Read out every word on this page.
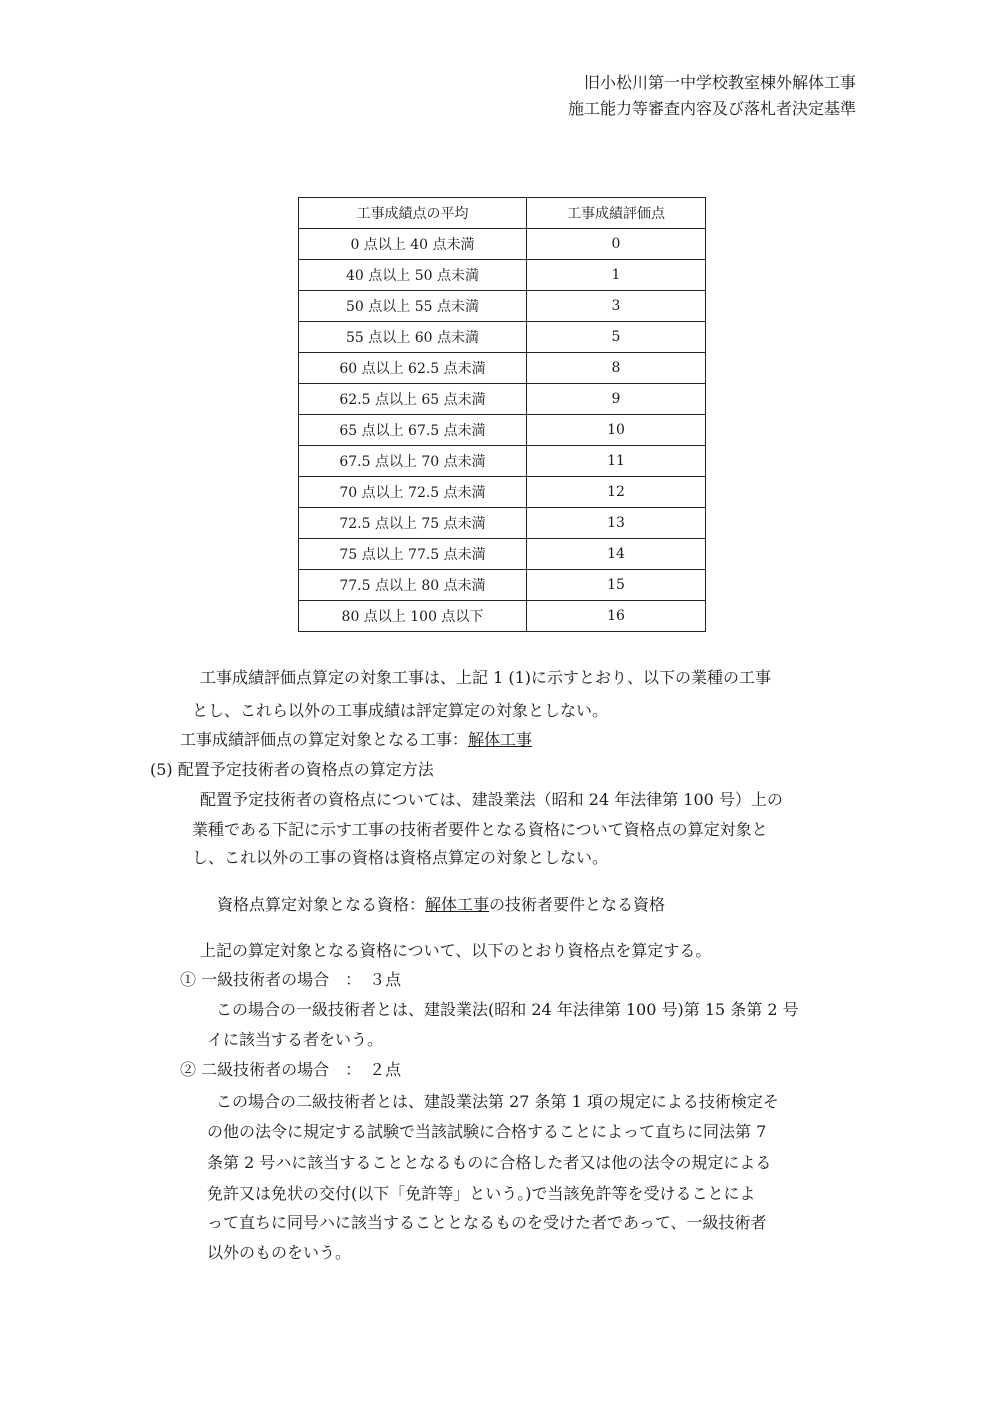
旧小松川第一中学校教室棟外解体工事
施工能力等審査内容及び落札者決定基準
工事成績点の平均	工事成績評価点
0 点以上 40 点未満	0
40 点以上 50 点未満	1
50 点以上 55 点未満	3
55 点以上 60 点未満	5
60 点以上 62.5 点未満	8
62.5 点以上 65 点未満	9
65 点以上 67.5 点未満	10
67.5 点以上 70 点未満	11
70 点以上 72.5 点未満	12
72.5 点以上 75 点未満	13
75 点以上 77.5 点未満	14
77.5 点以上 80 点未満	15
80 点以上 100 点以下	16
工事成績評価点算定の対象工事は、上記 1 (1)に示すとおり、以下の業種の工事
とし、これら以外の工事成績は評定算定の対象としない。
工事成績評価点の算定対象となる工事：解体工事
(5) 配置予定技術者の資格点の算定方法
配置予定技術者の資格点については、建設業法（昭和 24 年法律第 100 号）上の
業種である下記に示す工事の技術者要件となる資格について資格点の算定対象と
し、これ以外の工事の資格は資格点算定の対象としない。
資格点算定対象となる資格：解体工事の技術者要件となる資格
上記の算定対象となる資格について、以下のとおり資格点を算定する。
① 一級技術者の場合　：　３点
この場合の一級技術者とは、建設業法(昭和 24 年法律第 100 号)第 15 条第 2 号
イに該当する者をいう。
② 二級技術者の場合　：　２点
この場合の二級技術者とは、建設業法第 27 条第 1 項の規定による技術検定そ
の他の法令に規定する試験で当該試験に合格することによって直ちに同法第 7
条第 2 号ハに該当することとなるものに合格した者又は他の法令の規定による
免許又は免状の交付(以下「免許等」という。)で当該免許等を受けることによ
って直ちに同号ハに該当することとなるものを受けた者であって、一級技術者
以外のものをいう。
